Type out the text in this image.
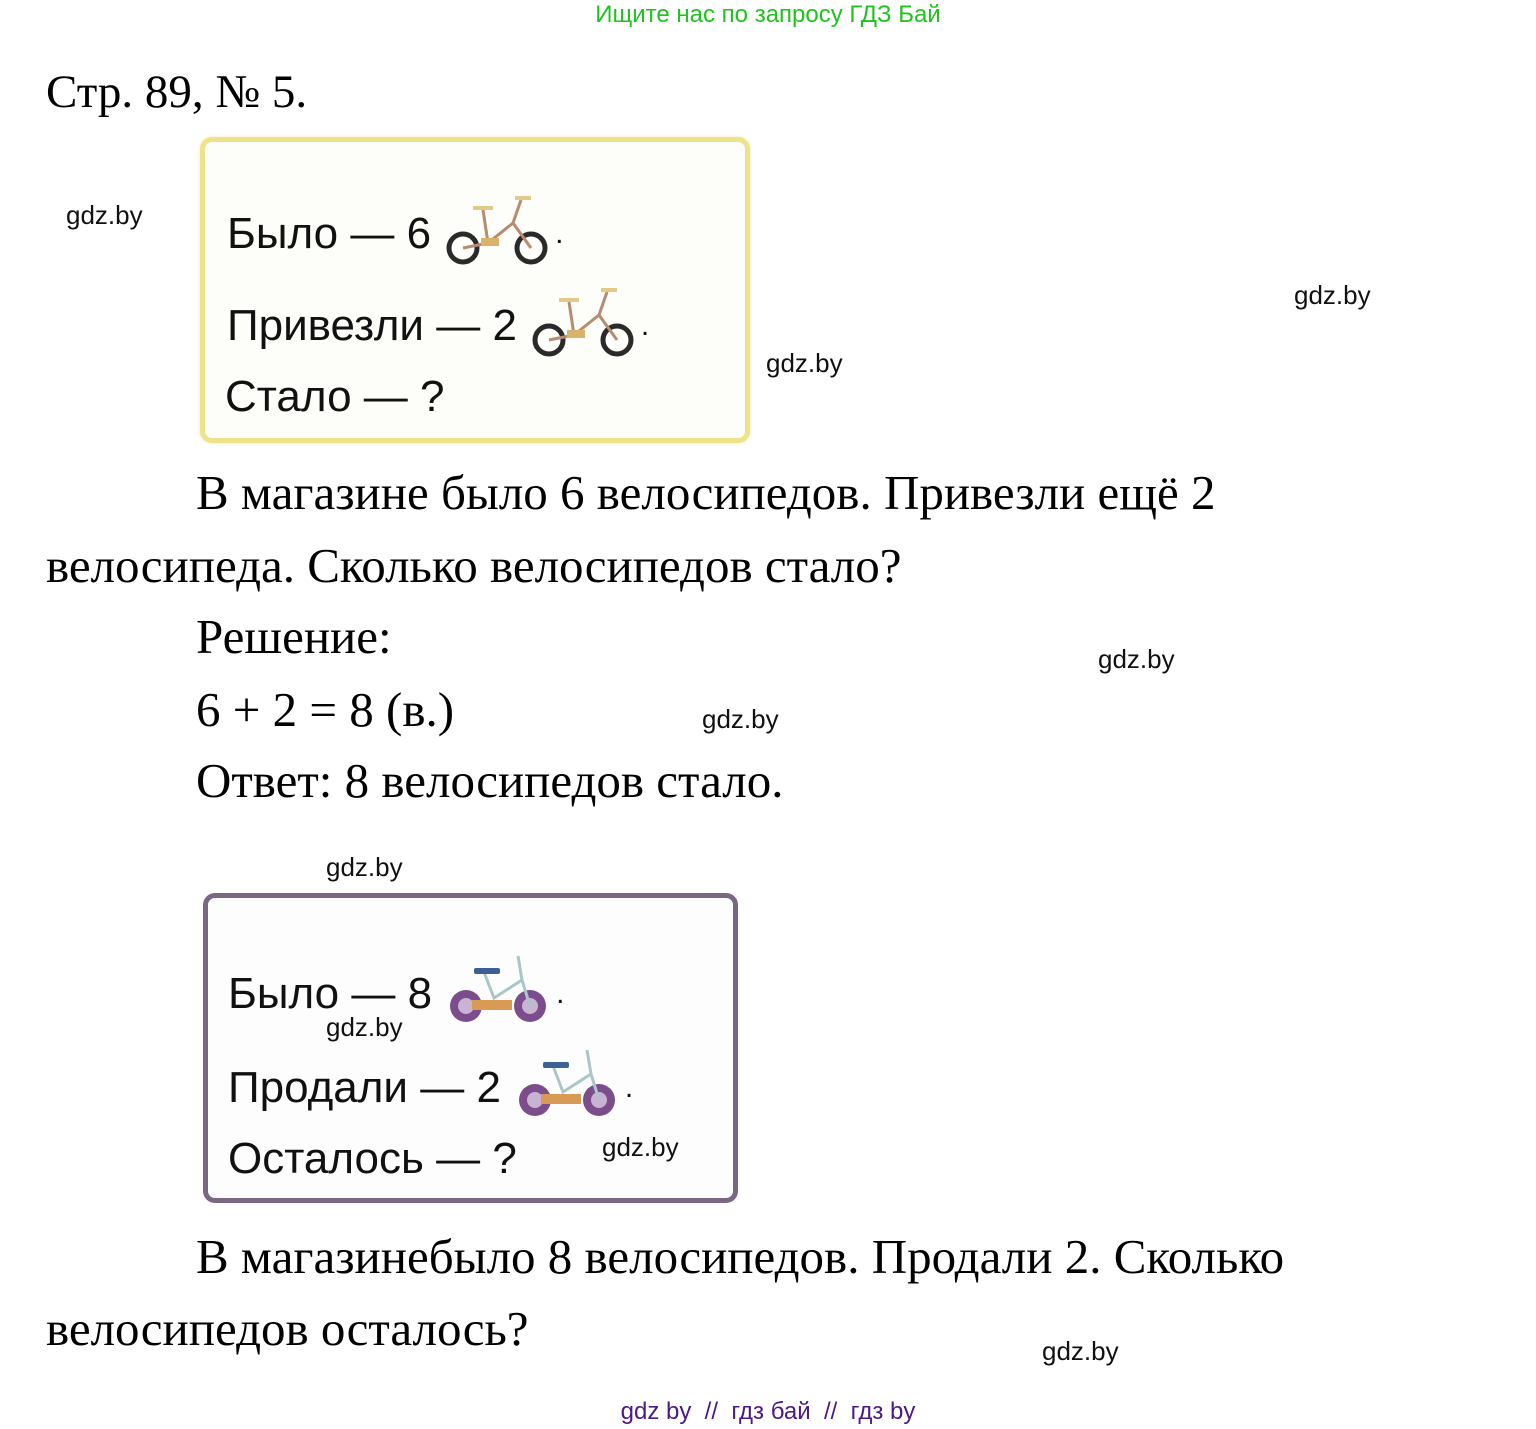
Ищите нас по запросу ГДЗ Бай
Стр. 89, № 5.
Было — 6	.
Привезли — 2	.
Стало — ?
В магазине было 6 велосипедов. Привезли ещё 2
велосипеда. Сколько велосипедов стало?
Решение:
6 + 2 = 8 (в.)
Ответ: 8 велосипедов стало.
Было — 8	.
Продали — 2	.
Осталось — ?
В магазинебыло 8 велосипедов. Продали 2. Сколько
велосипедов осталось?
gdz.by
gdz.by
gdz.by
gdz.by
gdz.by
gdz.by
gdz.by
gdz.by
gdz.by
gdz by  //  гдз бай  //  гдз by
